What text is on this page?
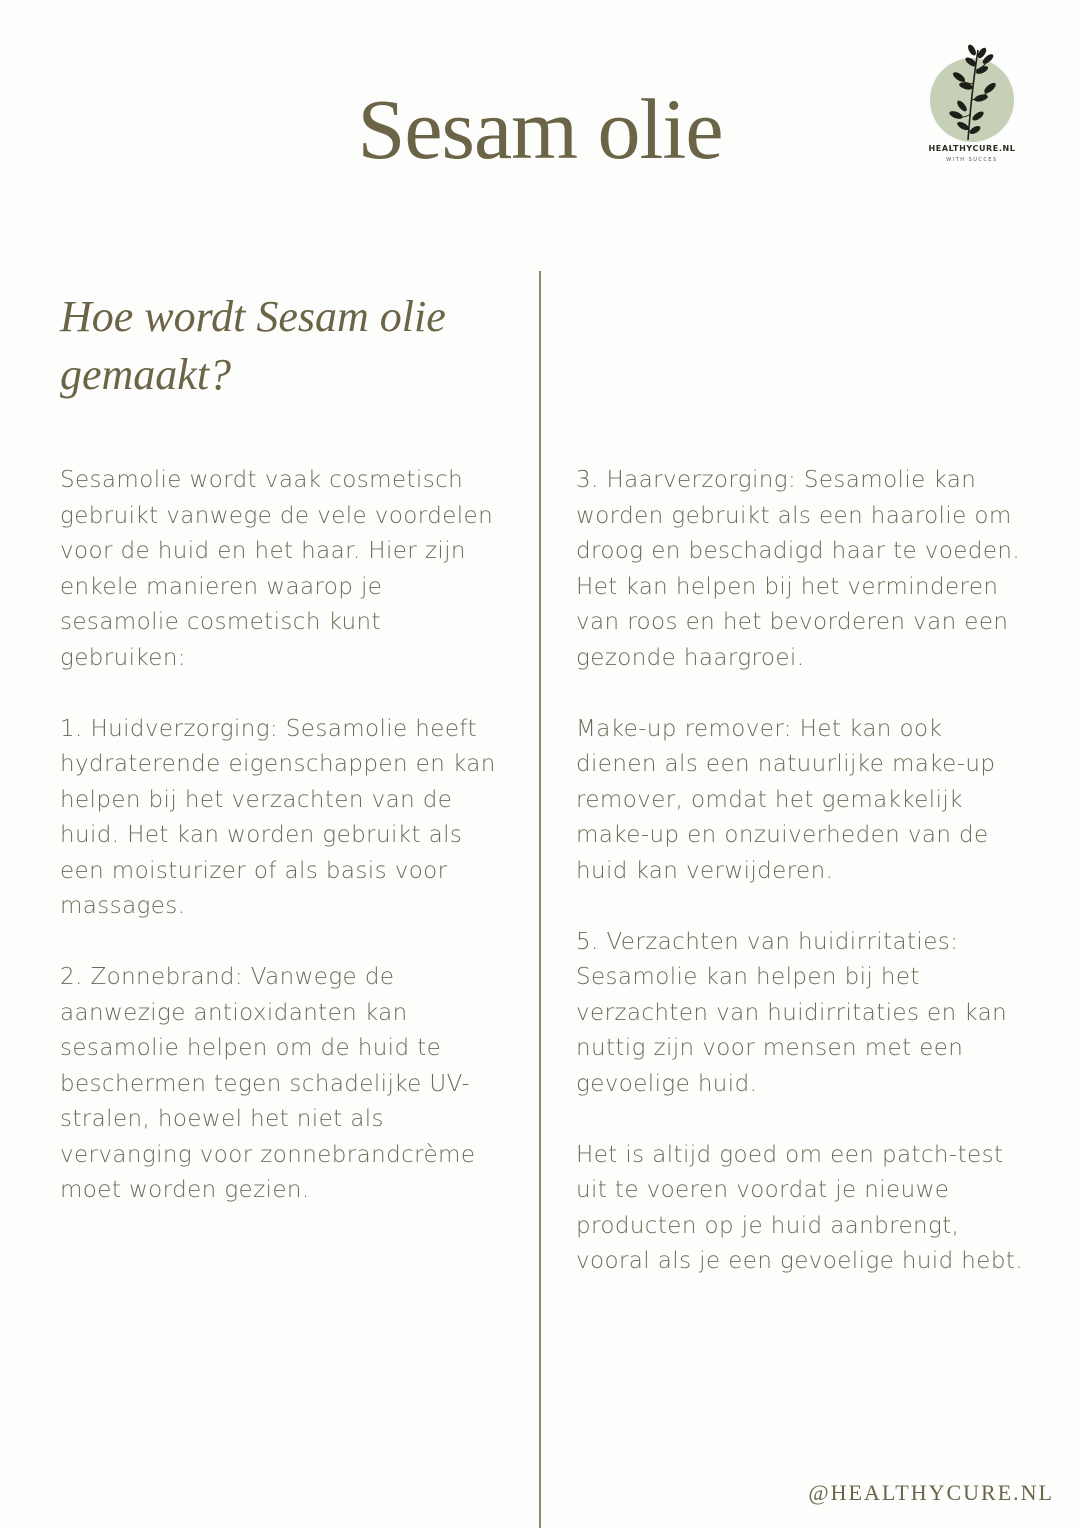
Sesam olie	HEALTHYCURE.NL
WITH SUCCES
Hoe wordt Sesam olie
gemaakt?

Sesamolie wordt vaak cosmetisch
gebruikt vanwege de vele voordelen
voor de huid en het haar. Hier zijn
enkele manieren waarop je
sesamolie cosmetisch kunt
gebruiken:

1. Huidverzorging: Sesamolie heeft
hydraterende eigenschappen en kan
helpen bij het verzachten van de
huid. Het kan worden gebruikt als
een moisturizer of als basis voor
massages.

2. Zonnebrand: Vanwege de
aanwezige antioxidanten kan
sesamolie helpen om de huid te
beschermen tegen schadelijke UV-
stralen, hoewel het niet als
vervanging voor zonnebrandcrème
moet worden gezien.

3. Haarverzorging: Sesamolie kan
worden gebruikt als een haarolie om
droog en beschadigd haar te voeden.
Het kan helpen bij het verminderen
van roos en het bevorderen van een
gezonde haargroei.

Make-up remover: Het kan ook
dienen als een natuurlijke make-up
remover, omdat het gemakkelijk
make-up en onzuiverheden van de
huid kan verwijderen.

5. Verzachten van huidirritaties:
Sesamolie kan helpen bij het
verzachten van huidirritaties en kan
nuttig zijn voor mensen met een
gevoelige huid.

Het is altijd goed om een patch-test
uit te voeren voordat je nieuwe
producten op je huid aanbrengt,
vooral als je een gevoelige huid hebt.

@HEALTHYCURE.NL
